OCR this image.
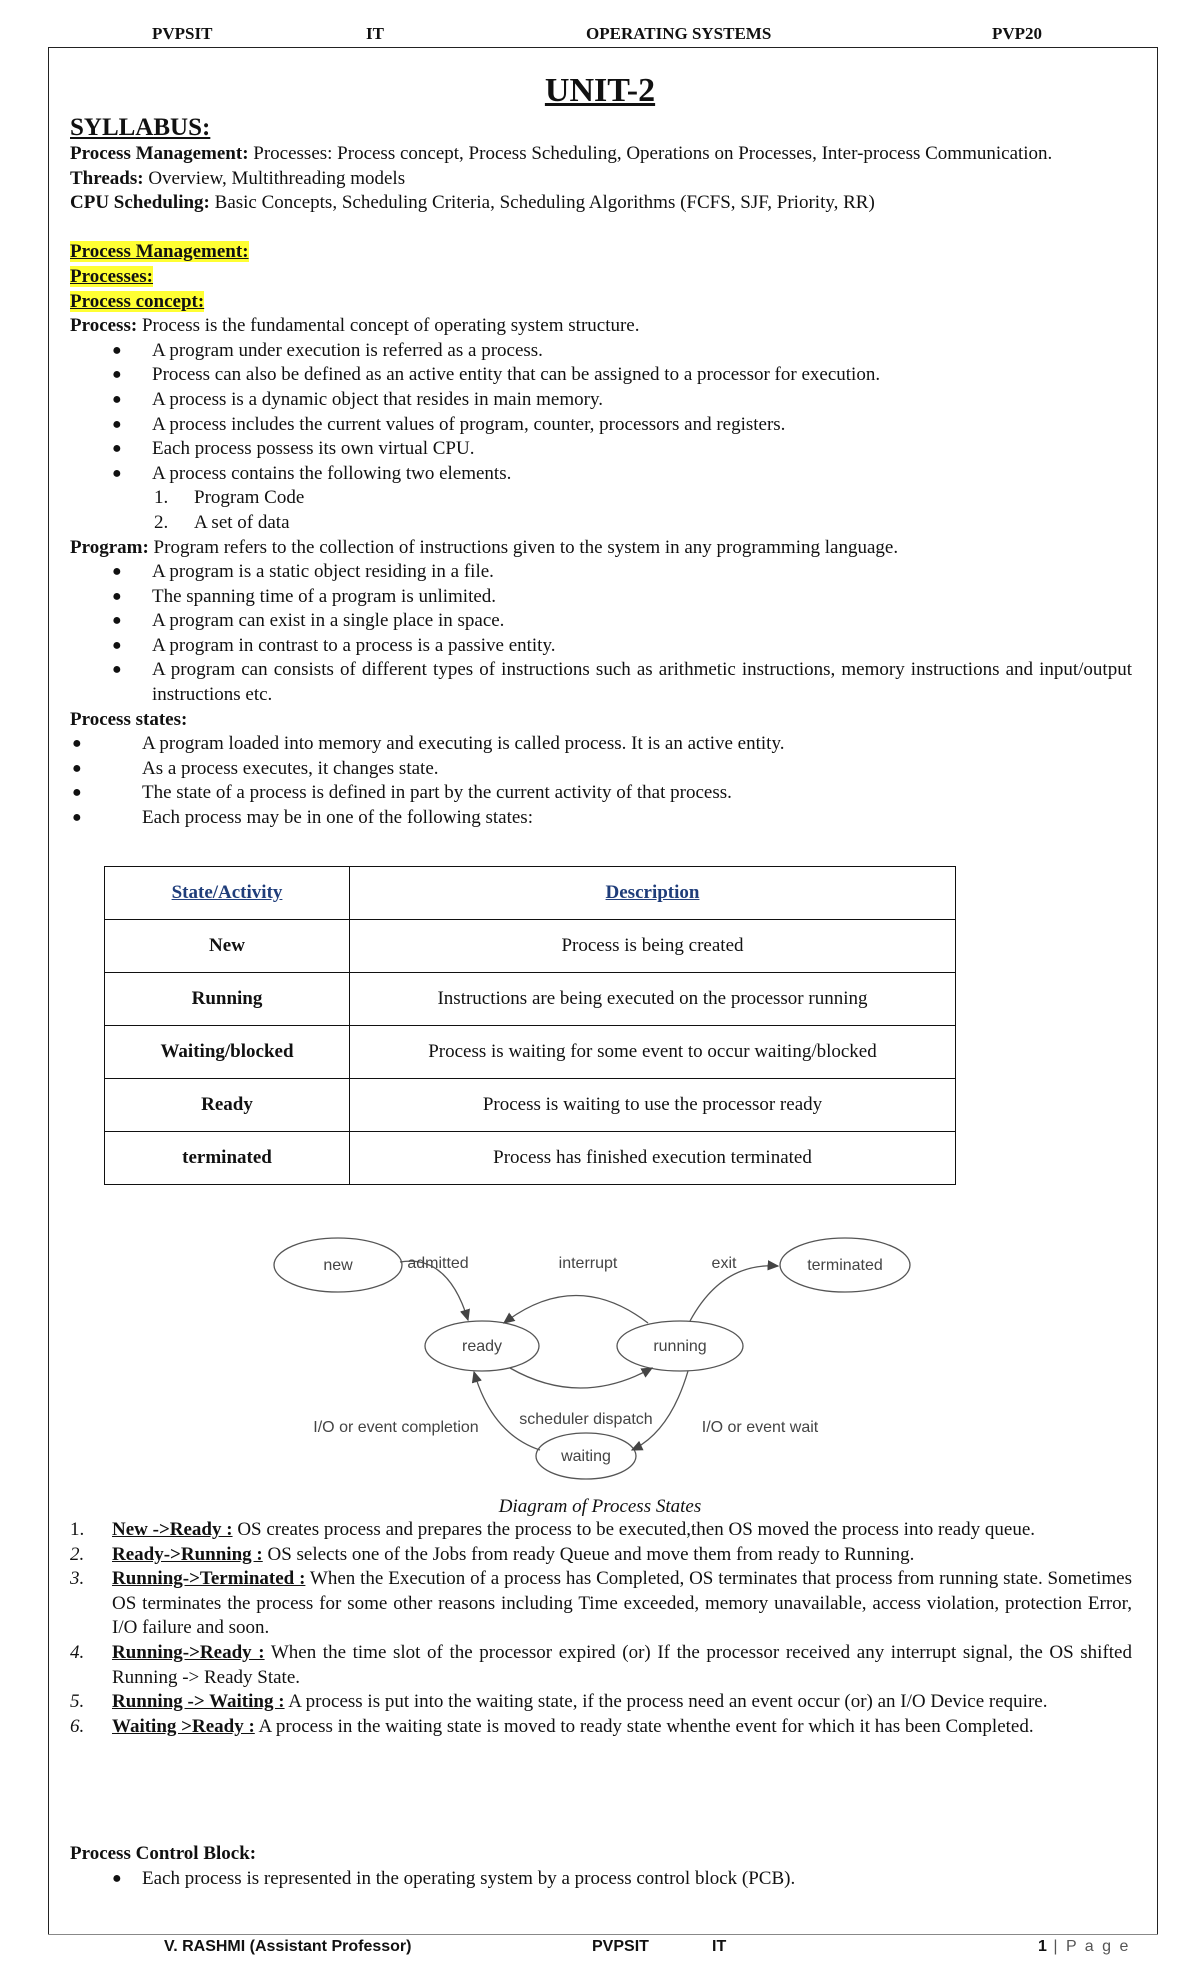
PVPSIT	IT	OPERATING SYSTEMS	PVP20
UNIT-2

SYLLABUS:

Process Management: Processes: Process concept, Process Scheduling, Operations on Processes, Inter-process Communication.

Threads: Overview, Multithreading models

CPU Scheduling: Basic Concepts, Scheduling Criteria, Scheduling Algorithms (FCFS, SJF, Priority, RR)

Process Management:

Processes:

Process concept:

Process: Process is the fundamental concept of operating system structure.

● A program under execution is referred as a process.
● Process can also be defined as an active entity that can be assigned to a processor for execution.
● A process is a dynamic object that resides in main memory.
● A process includes the current values of program, counter, processors and registers.
● Each process possess its own virtual CPU.
● A process contains the following two elements.
1. Program Code
2. A set of data

Program: Program refers to the collection of instructions given to the system in any programming language.

● A program is a static object residing in a file.
● The spanning time of a program is unlimited.
● A program can exist in a single place in space.
● A program in contrast to a process is a passive entity.
● A program can consists of different types of instructions such as arithmetic instructions, memory instructions and input/output instructions etc.

Process states:

● A program loaded into memory and executing is called process. It is an active entity.
● As a process executes, it changes state.
● The state of a process is defined in part by the current activity of that process.
● Each process may be in one of the following states:
State/Activity	Description
New	Process is being created
Running	Instructions are being executed on the processor running
Waiting/blocked	Process is waiting for some event to occur waiting/blocked
Ready	Process is waiting to use the processor ready
terminated	Process has finished execution terminated
new	terminated
ready	running
waiting
admitted	interrupt	exit
scheduler dispatch
I/O or event completion	I/O or event wait
Diagram of Process States
1. New ->Ready : OS creates process and prepares the process to be executed,then OS moved the process into ready queue.
2. Ready->Running : OS selects one of the Jobs from ready Queue and move them from ready to Running.
3. Running->Terminated : When the Execution of a process has Completed, OS terminates that process from running state. Sometimes OS terminates the process for some other reasons including Time exceeded, memory unavailable, access violation, protection Error, I/O failure and soon.
4. Running->Ready : When the time slot of the processor expired (or) If the processor received any interrupt signal, the OS shifted Running -> Ready State.
5. Running -> Waiting : A process is put into the waiting state, if the process need an event occur (or) an I/O Device require.
6. Waiting >Ready : A process in the waiting state is moved to ready state whenthe event for which it has been Completed.

Process Control Block:

● Each process is represented in the operating system by a process control block (PCB).
V. RASHMI (Assistant Professor)	PVPSIT	IT	1 | P a g e
